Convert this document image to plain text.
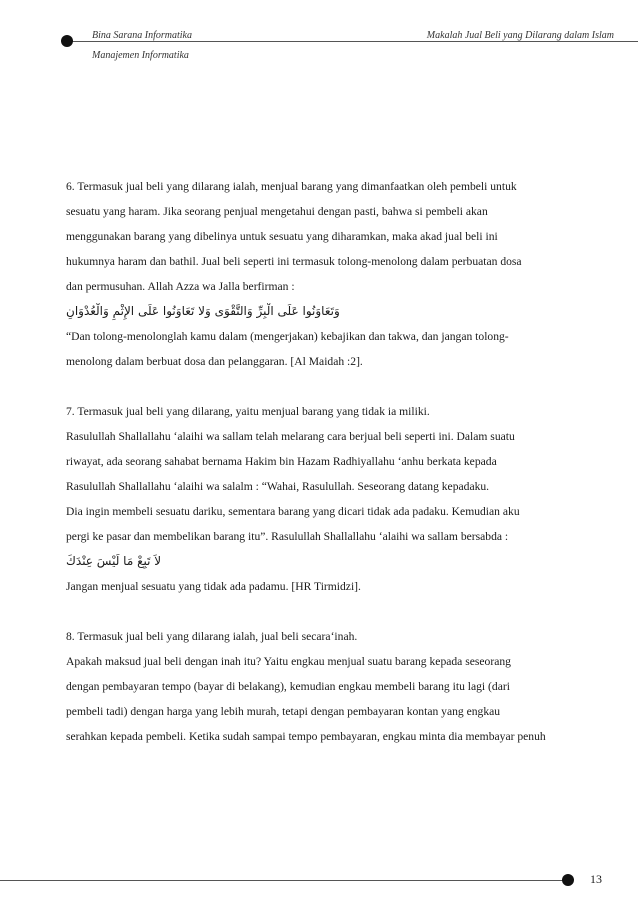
Bina Sarana Informatika
Manajemen Informatika
Makalah Jual Beli yang Dilarang dalam Islam
6. Termasuk jual beli yang dilarang ialah, menjual barang yang dimanfaatkan oleh pembeli untuk
sesuatu yang haram. Jika seorang penjual mengetahui dengan pasti, bahwa si pembeli akan
menggunakan barang yang dibelinya untuk sesuatu yang diharamkan, maka akad jual beli ini
hukumnya haram dan bathil. Jual beli seperti ini termasuk tolong-menolong dalam perbuatan dosa
dan permusuhan. Allah Azza wa Jalla berfirman :
وَتَعَاوَنُوا عَلَى الْبِرِّ وَالتَّقْوَى وَلا تَعَاوَنُوا عَلَى الإِثْمِ وَالْعُدْوَانِ
“Dan tolong-menolonglah kamu dalam (mengerjakan) kebajikan dan takwa, dan jangan tolong-
menolong dalam berbuat dosa dan pelanggaran. [Al Maidah :2].
7. Termasuk jual beli yang dilarang, yaitu menjual barang yang tidak ia miliki.
Rasulullah Shallallahu ‘alaihi wa sallam telah melarang cara berjual beli seperti ini. Dalam suatu
riwayat, ada seorang sahabat bernama Hakim bin Hazam Radhiyallahu ‘anhu berkata kepada
Rasulullah Shallallahu ‘alaihi wa salalm : “Wahai, Rasulullah. Seseorang datang kepadaku.
Dia ingin membeli sesuatu dariku, sementara barang yang dicari tidak ada padaku. Kemudian aku
pergi ke pasar dan membelikan barang itu”. Rasulullah Shallallahu ‘alaihi wa sallam bersabda :
لاَ تَبِعْ مَا لَيْسَ عِنْدَكَ
Jangan menjual sesuatu yang tidak ada padamu. [HR Tirmidzi].
8. Termasuk jual beli yang dilarang ialah, jual beli secara‘inah.
Apakah maksud jual beli dengan inah itu? Yaitu engkau menjual suatu barang kepada seseorang
dengan pembayaran tempo (bayar di belakang), kemudian engkau membeli barang itu lagi (dari
pembeli tadi) dengan harga yang lebih murah, tetapi dengan pembayaran kontan yang engkau
serahkan kepada pembeli. Ketika sudah sampai tempo pembayaran, engkau minta dia membayar penuh
13
